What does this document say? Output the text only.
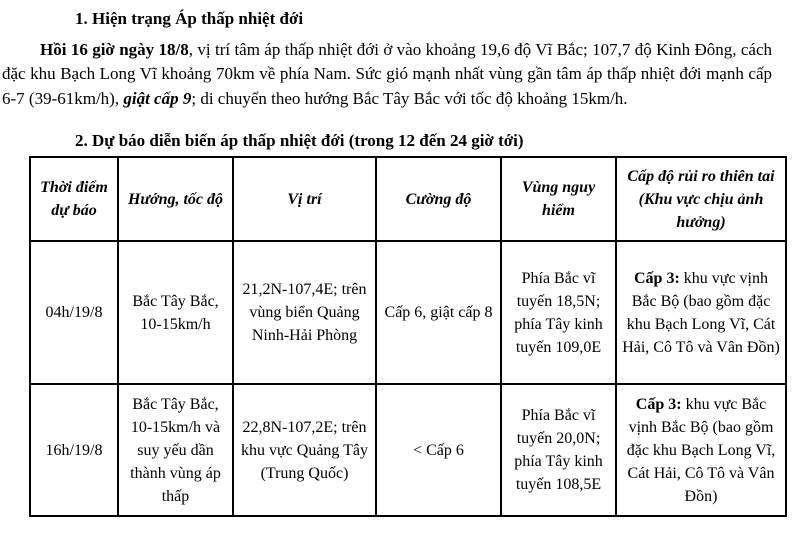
1. Hiện trạng Áp thấp nhiệt đới

Hồi 16 giờ ngày 18/8, vị trí tâm áp thấp nhiệt đới ở vào khoảng 19,6 độ Vĩ Bắc; 107,7 độ Kinh Đông, cách đặc khu Bạch Long Vĩ khoảng 70km về phía Nam. Sức gió mạnh nhất vùng gần tâm áp thấp nhiệt đới mạnh cấp 6-7 (39-61km/h), giật cấp 9; di chuyển theo hướng Bắc Tây Bắc với tốc độ khoảng 15km/h.

2. Dự báo diễn biến áp thấp nhiệt đới (trong 12 đến 24 giờ tới)
Thời điểm dự báo	Hướng, tốc độ	Vị trí	Cường độ	Vùng nguy hiểm	Cấp độ rủi ro thiên tai (Khu vực chịu ảnh hưởng)
04h/19/8	Bắc Tây Bắc, 10-15km/h	21,2N-107,4E; trên vùng biển Quảng Ninh-Hải Phòng	Cấp 6, giật cấp 8	Phía Bắc vĩ tuyến 18,5N; phía Tây kinh tuyến 109,0E	Cấp 3: khu vực vịnh Bắc Bộ (bao gồm đặc khu Bạch Long Vĩ, Cát Hải, Cô Tô và Vân Đồn)
16h/19/8	Bắc Tây Bắc, 10-15km/h và suy yếu dần thành vùng áp thấp	22,8N-107,2E; trên khu vực Quảng Tây (Trung Quốc)	< Cấp 6	Phía Bắc vĩ tuyến 20,0N; phía Tây kinh tuyến 108,5E	Cấp 3: khu vực Bắc vịnh Bắc Bộ (bao gồm đặc khu Bạch Long Vĩ, Cát Hải, Cô Tô và Vân Đồn)
